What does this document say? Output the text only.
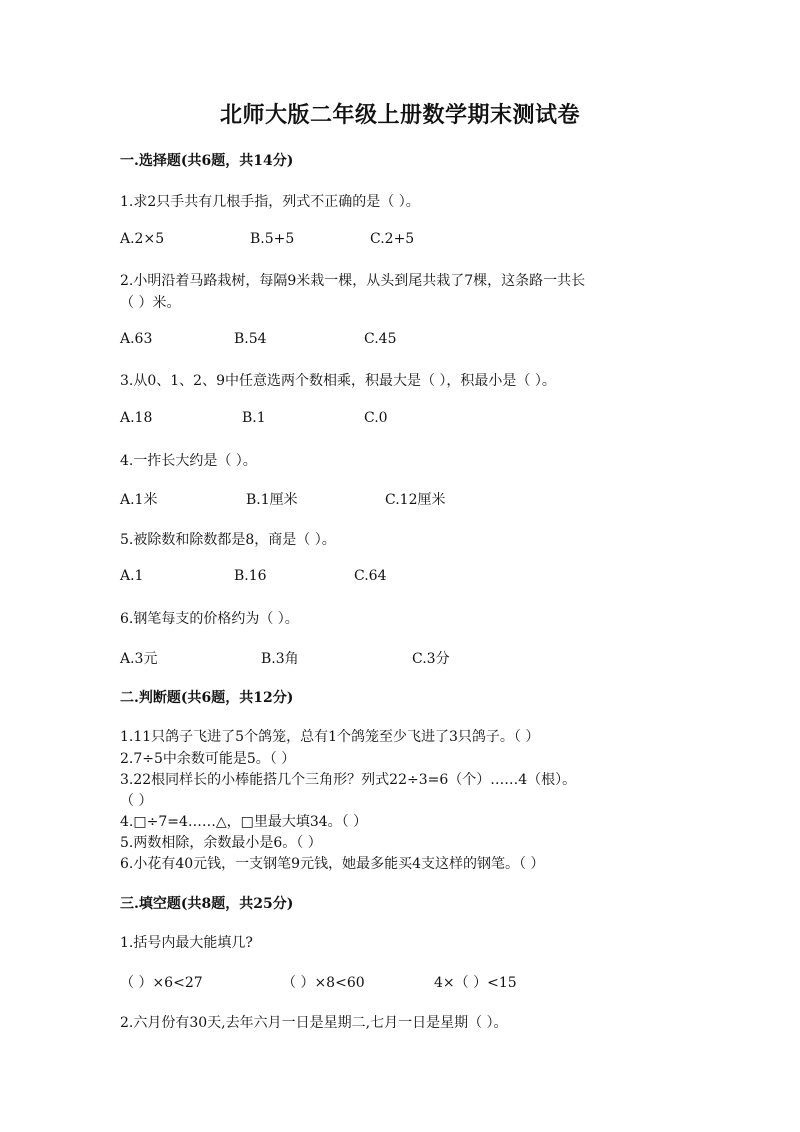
北师大版二年级上册数学期末测试卷
一.选择题(共6题，共14分)
1.求2只手共有几根手指，列式不正确的是（ ）。
A.2×5	B.5+5	C.2+5
2.小明沿着马路栽树，每隔9米栽一棵，从头到尾共栽了7棵，这条路一共长
（ ）米。
A.63	B.54	C.45
3.从0、1、2、9中任意选两个数相乘，积最大是（ ），积最小是（ ）。
A.18	B.1	C.0
4.一拃长大约是（ ）。
A.1米	B.1厘米	C.12厘米
5.被除数和除数都是8，商是（ ）。
A.1	B.16	C.64
6.钢笔每支的价格约为（ ）。
A.3元	B.3角	C.3分
二.判断题(共6题，共12分)
1.11只鸽子飞进了5个鸽笼，总有1个鸽笼至少飞进了3只鸽子。（ ）
2.7÷5中余数可能是5。（ ）
3.22根同样长的小棒能搭几个三角形？列式22÷3=6（个）……4（根）。
（ ）
4.□÷7=4……△，□里最大填34。（ ）
5.两数相除，余数最小是6。（ ）
6.小花有40元钱，一支钢笔9元钱，她最多能买4支这样的钢笔。（ ）
三.填空题(共8题，共25分)
1.括号内最大能填几?
（ ）×6<27	（ ）×8<60	4×（ ）<15
2.六月份有30天,去年六月一日是星期二,七月一日是星期（ ）。
